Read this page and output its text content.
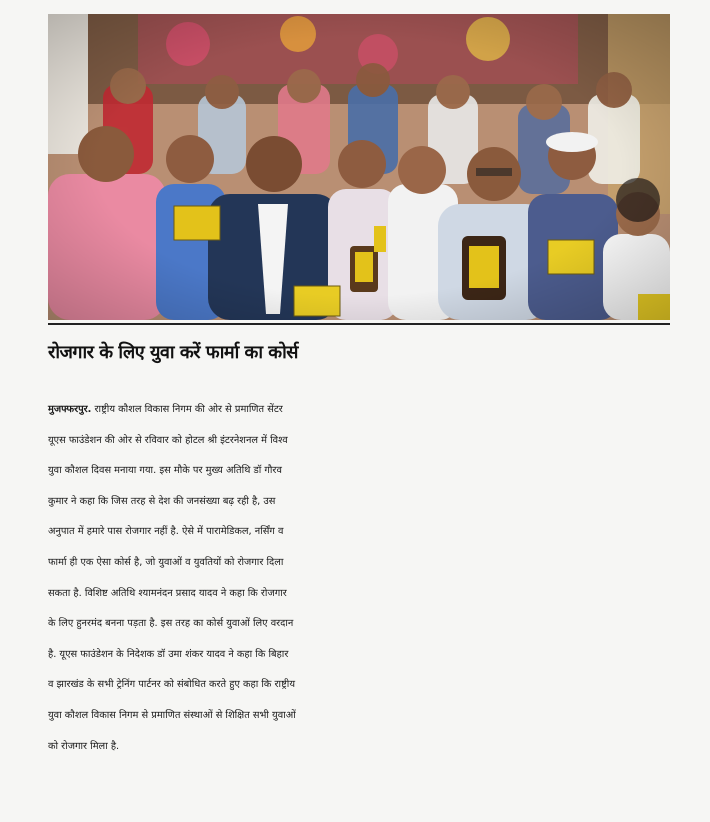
रोजगार के लिए युवा करें फार्मा का कोर्स
मुजफ्फरपुर. राष्ट्रीय कौशल विकास निगम की ओर से प्रमाणित सेंटर
यूएस फाउंडेशन की ओर से रविवार को होटल श्री इंटरनेशनल में विश्व
युवा कौशल दिवस मनाया गया. इस मौके पर मुख्य अतिथि डॉ गौरव
कुमार ने कहा कि जिस तरह से देश की जनसंख्या बढ़ रही है, उस
अनुपात में हमारे पास रोजगार नहीं है. ऐसे में पारामेडिकल, नर्सिंग व
फार्मा ही एक ऐसा कोर्स है, जो युवाओं व युवतियों को रोजगार दिला
सकता है. विशिष्ट अतिथि श्यामनंदन प्रसाद यादव ने कहा कि रोजगार
के लिए हुनरमंद बनना पड़ता है. इस तरह का कोर्स युवाओं लिए वरदान
है. यूएस फाउंडेशन के निदेशक डॉ उमा शंकर यादव ने कहा कि बिहार
व झारखंड के सभी ट्रेनिंग पार्टनर को संबोधित करते हुए कहा कि राष्ट्रीय
युवा कौशल विकास निगम से प्रमाणित संस्थाओं से शिक्षित सभी युवाओं
को रोजगार मिला है.
